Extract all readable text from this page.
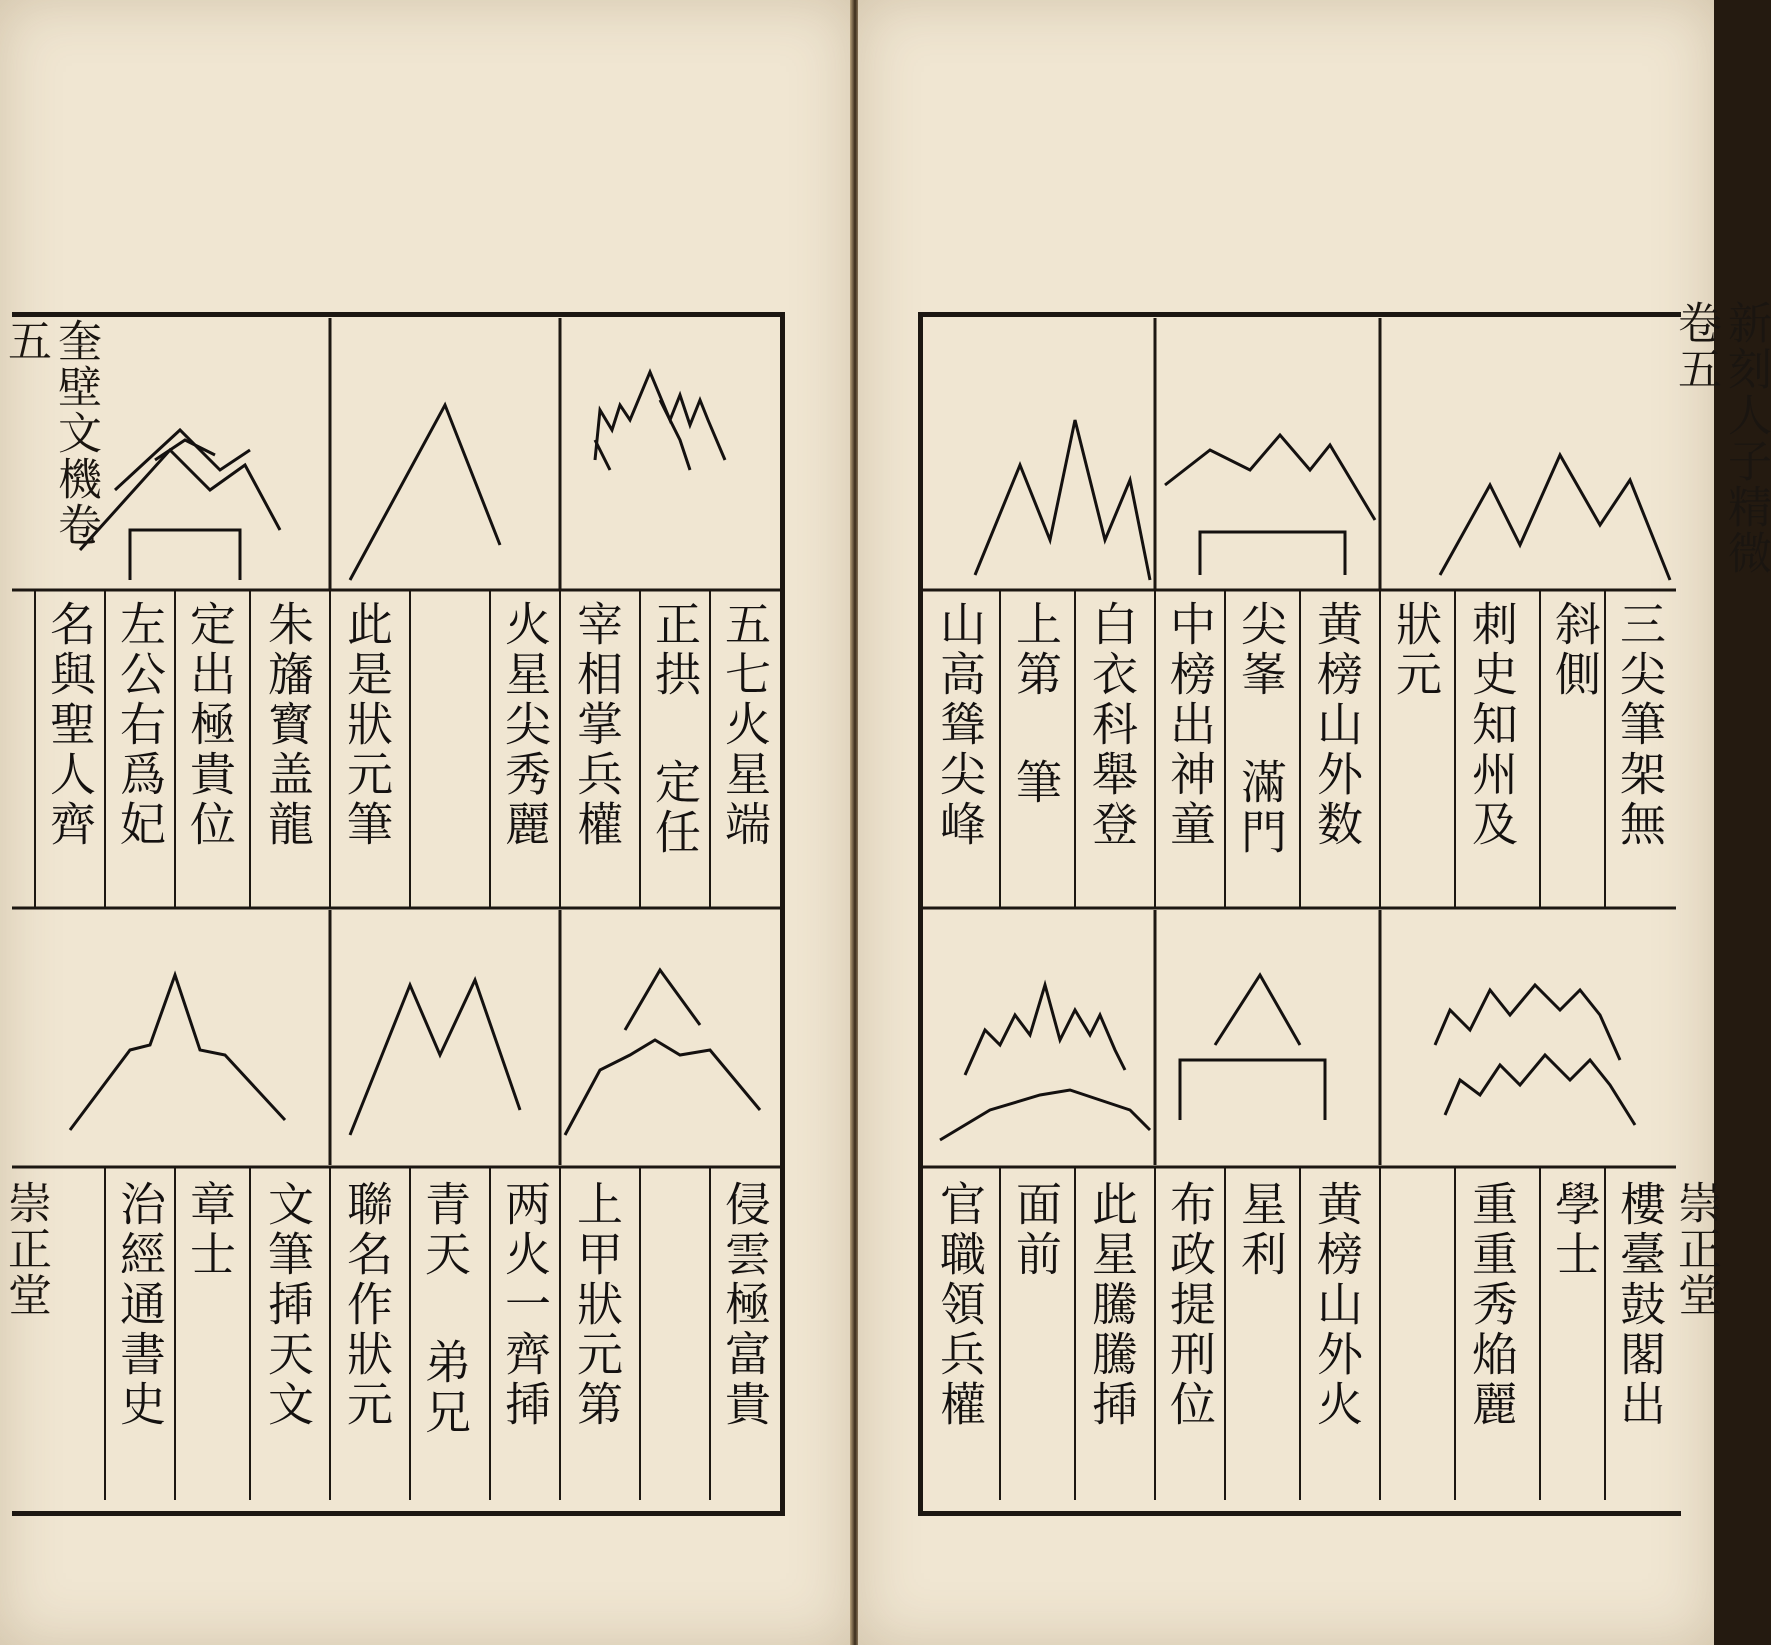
五七火星端
正拱 定任
宰相掌兵權
火星尖秀麗
此是狀元筆
朱旛寳盖龍
定出極貴位
左公右爲妃
名與聖人齊
侵雲極富貴
上甲狀元第
两火一齊揷
青天 弟兄
聯名作狀元
文筆揷天文
章士
治經通書史
奎壁文機卷五
崇正堂
三尖筆架無
斜側
刺史知州及
狀元
黄榜山外数
尖峯 滿門
中榜出神童
白衣科舉登
上第 筆
山高聳尖峰
樓臺鼓閣出
學士
重重秀焔麗
黄榜山外火
星利
布政提刑位
此星騰騰揷
面前
官職領兵權
新刻人子精微卷五
崇正堂
